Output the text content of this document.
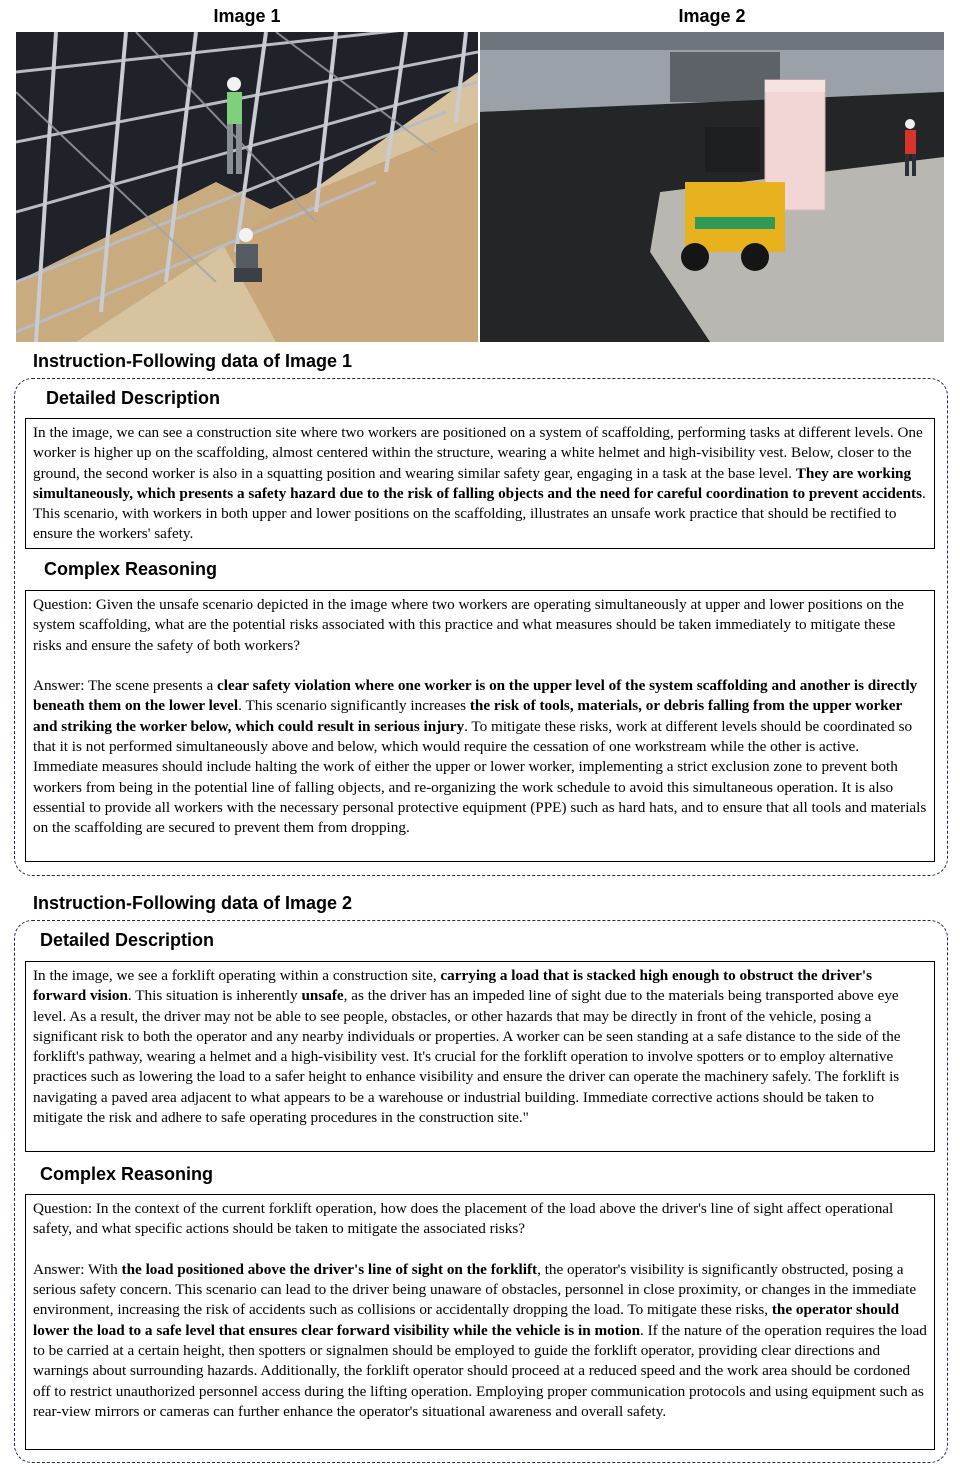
Image 1	Image 2
Instruction-Following data of Image 1
Detailed Description

In the image, we can see a construction site where two workers are positioned on a system of scaffolding, performing tasks at different levels. One worker is higher up on the scaffolding, almost centered within the structure, wearing a white helmet and high-visibility vest. Below, closer to the ground, the second worker is also in a squatting position and wearing similar safety gear, engaging in a task at the base level. They are working simultaneously, which presents a safety hazard due to the risk of falling objects and the need for careful coordination to prevent accidents. This scenario, with workers in both upper and lower positions on the scaffolding, illustrates an unsafe work practice that should be rectified to ensure the workers' safety.

Complex Reasoning

Question: Given the unsafe scenario depicted in the image where two workers are operating simultaneously at upper and lower positions on the system scaffolding, what are the potential risks associated with this practice and what measures should be taken immediately to mitigate these risks and ensure the safety of both workers?

Answer: The scene presents a clear safety violation where one worker is on the upper level of the system scaffolding and another is directly beneath them on the lower level. This scenario significantly increases the risk of tools, materials, or debris falling from the upper worker and striking the worker below, which could result in serious injury. To mitigate these risks, work at different levels should be coordinated so that it is not performed simultaneously above and below, which would require the cessation of one workstream while the other is active. Immediate measures should include halting the work of either the upper or lower worker, implementing a strict exclusion zone to prevent both workers from being in the potential line of falling objects, and re-organizing the work schedule to avoid this simultaneous operation. It is also essential to provide all workers with the necessary personal protective equipment (PPE) such as hard hats, and to ensure that all tools and materials on the scaffolding are secured to prevent them from dropping.

Instruction-Following data of Image 2
Detailed Description

In the image, we see a forklift operating within a construction site, carrying a load that is stacked high enough to obstruct the driver's forward vision. This situation is inherently unsafe, as the driver has an impeded line of sight due to the materials being transported above eye level. As a result, the driver may not be able to see people, obstacles, or other hazards that may be directly in front of the vehicle, posing a significant risk to both the operator and any nearby individuals or properties. A worker can be seen standing at a safe distance to the side of the forklift's pathway, wearing a helmet and a high-visibility vest. It's crucial for the forklift operation to involve spotters or to employ alternative practices such as lowering the load to a safer height to enhance visibility and ensure the driver can operate the machinery safely. The forklift is navigating a paved area adjacent to what appears to be a warehouse or industrial building. Immediate corrective actions should be taken to mitigate the risk and adhere to safe operating procedures in the construction site."

Complex Reasoning

Question: In the context of the current forklift operation, how does the placement of the load above the driver's line of sight affect operational safety, and what specific actions should be taken to mitigate the associated risks?

Answer: With the load positioned above the driver's line of sight on the forklift, the operator's visibility is significantly obstructed, posing a serious safety concern. This scenario can lead to the driver being unaware of obstacles, personnel in close proximity, or changes in the immediate environment, increasing the risk of accidents such as collisions or accidentally dropping the load. To mitigate these risks, the operator should lower the load to a safe level that ensures clear forward visibility while the vehicle is in motion. If the nature of the operation requires the load to be carried at a certain height, then spotters or signalmen should be employed to guide the forklift operator, providing clear directions and warnings about surrounding hazards. Additionally, the forklift operator should proceed at a reduced speed and the work area should be cordoned off to restrict unauthorized personnel access during the lifting operation. Employing proper communication protocols and using equipment such as rear-view mirrors or cameras can further enhance the operator's situational awareness and overall safety.
